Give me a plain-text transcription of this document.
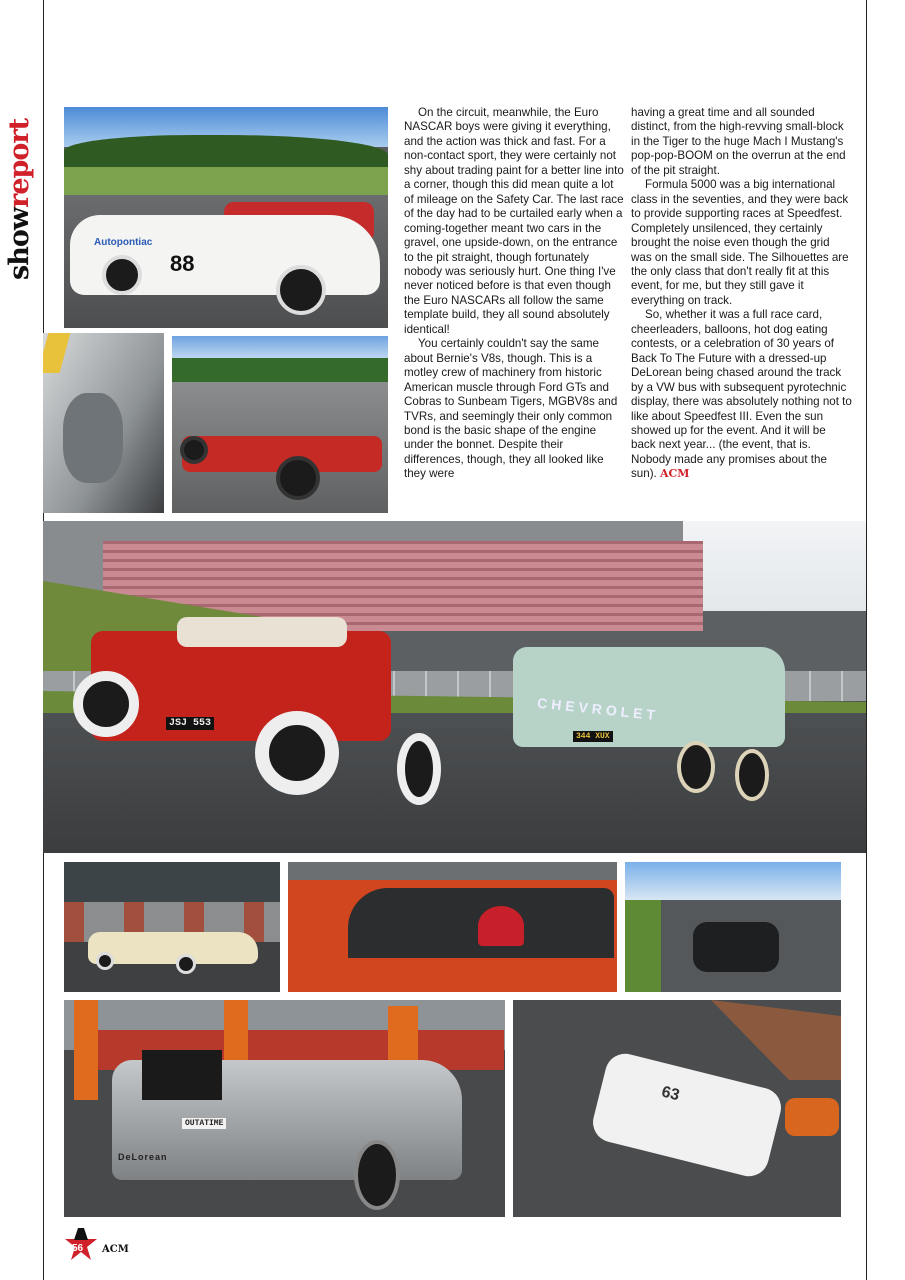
showreport
Autopontiac
88

On the circuit, meanwhile, the Euro NASCAR boys were giving it everything, and the action was thick and fast. For a non-contact sport, they were certainly not shy about trading paint for a better line into a corner, though this did mean quite a lot of mileage on the Safety Car. The last race of the day had to be curtailed early when a coming-together meant two cars in the gravel, one upside-down, on the entrance to the pit straight, though fortunately nobody was seriously hurt. One thing I've never noticed before is that even though the Euro NASCARs all follow the same template build, they all sound absolutely identical!

You certainly couldn't say the same about Bernie's V8s, though. This is a motley crew of machinery from historic American muscle through Ford GTs and Cobras to Sunbeam Tigers, MGBV8s and TVRs, and seemingly their only common bond is the basic shape of the engine under the bonnet. Despite their differences, though, they all looked like they were

having a great time and all sounded distinct, from the high-revving small-block in the Tiger to the huge Mach I Mustang's pop-pop-BOOM on the overrun at the end of the pit straight.

Formula 5000 was a big international class in the seventies, and they were back to provide supporting races at Speedfest. Completely unsilenced, they certainly brought the noise even though the grid was on the small side. The Silhouettes are the only class that don't really fit at this event, for me, but they still gave it everything on track.

So, whether it was a full race card, cheerleaders, balloons, hot dog eating contests, or a celebration of 30 years of Back To The Future with a dressed-up DeLorean being chased around the track by a VW bus with subsequent pyrotechnic display, there was absolutely nothing not to like about Speedfest III. Even the sun showed up for the event. And it will be back next year... (the event, that is. Nobody made any promises about the sun). ACM

JSJ 553
CHEVROLET
344 XUX
OUTATIME
DeLorean
63
56 ACM
